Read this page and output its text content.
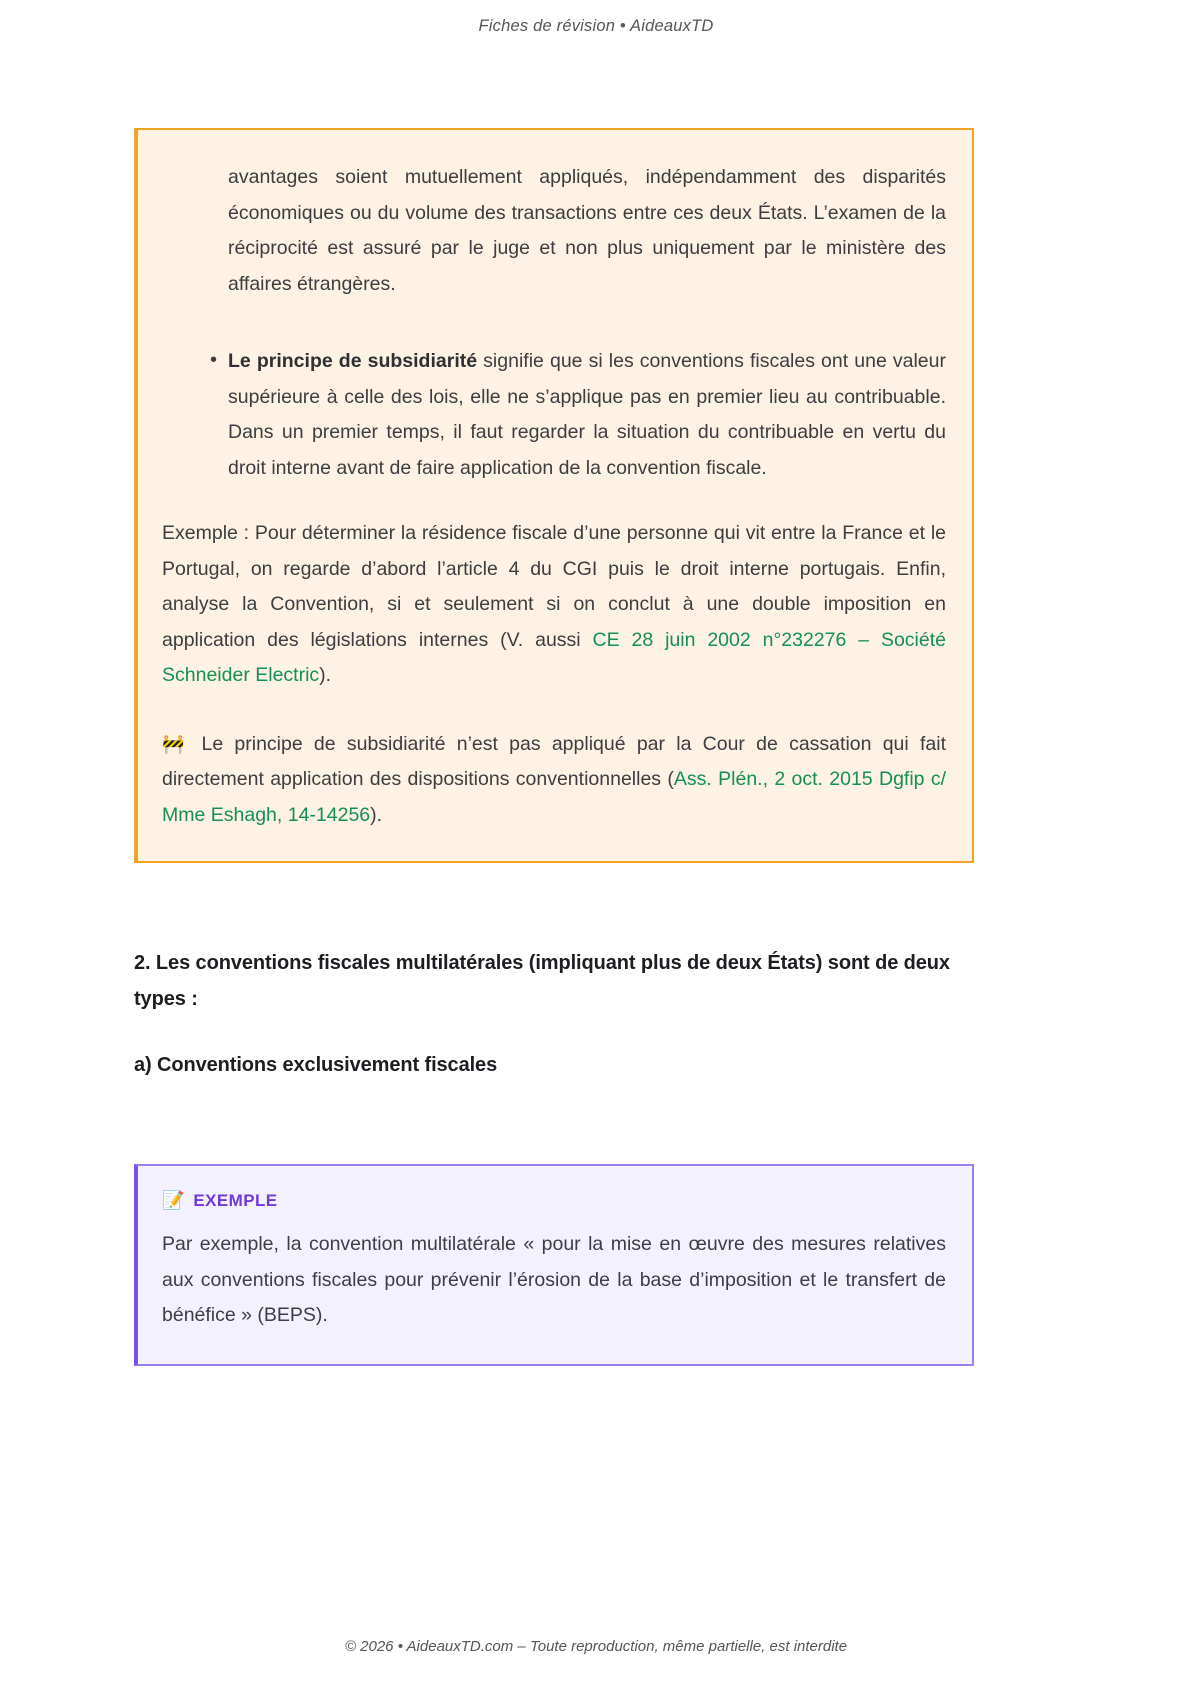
Fiches de révision • AideauxTD

avantages soient mutuellement appliqués, indépendamment des disparités économiques ou du volume des transactions entre ces deux États. L’examen de la réciprocité est assuré par le juge et non plus uniquement par le ministère des affaires étrangères.

• Le principe de subsidiarité signifie que si les conventions fiscales ont une valeur supérieure à celle des lois, elle ne s’applique pas en premier lieu au contribuable. Dans un premier temps, il faut regarder la situation du contribuable en vertu du droit interne avant de faire application de la convention fiscale.

Exemple : Pour déterminer la résidence fiscale d’une personne qui vit entre la France et le Portugal, on regarde d’abord l’article 4 du CGI puis le droit interne portugais. Enfin, analyse la Convention, si et seulement si on conclut à une double imposition en application des législations internes (V. aussi CE 28 juin 2002 n°232276 – Société Schneider Electric).

🚧 Le principe de subsidiarité n’est pas appliqué par la Cour de cassation qui fait directement application des dispositions conventionnelles (Ass. Plén., 2 oct. 2015 Dgfip c/ Mme Eshagh, 14-14256).

2. Les conventions fiscales multilatérales (impliquant plus de deux États) sont de deux types :
a) Conventions exclusivement fiscales
📝 EXEMPLE

Par exemple, la convention multilatérale « pour la mise en œuvre des mesures relatives aux conventions fiscales pour prévenir l’érosion de la base d’imposition et le transfert de bénéfice » (BEPS).

© 2026 • AideauxTD.com – Toute reproduction, même partielle, est interdite
